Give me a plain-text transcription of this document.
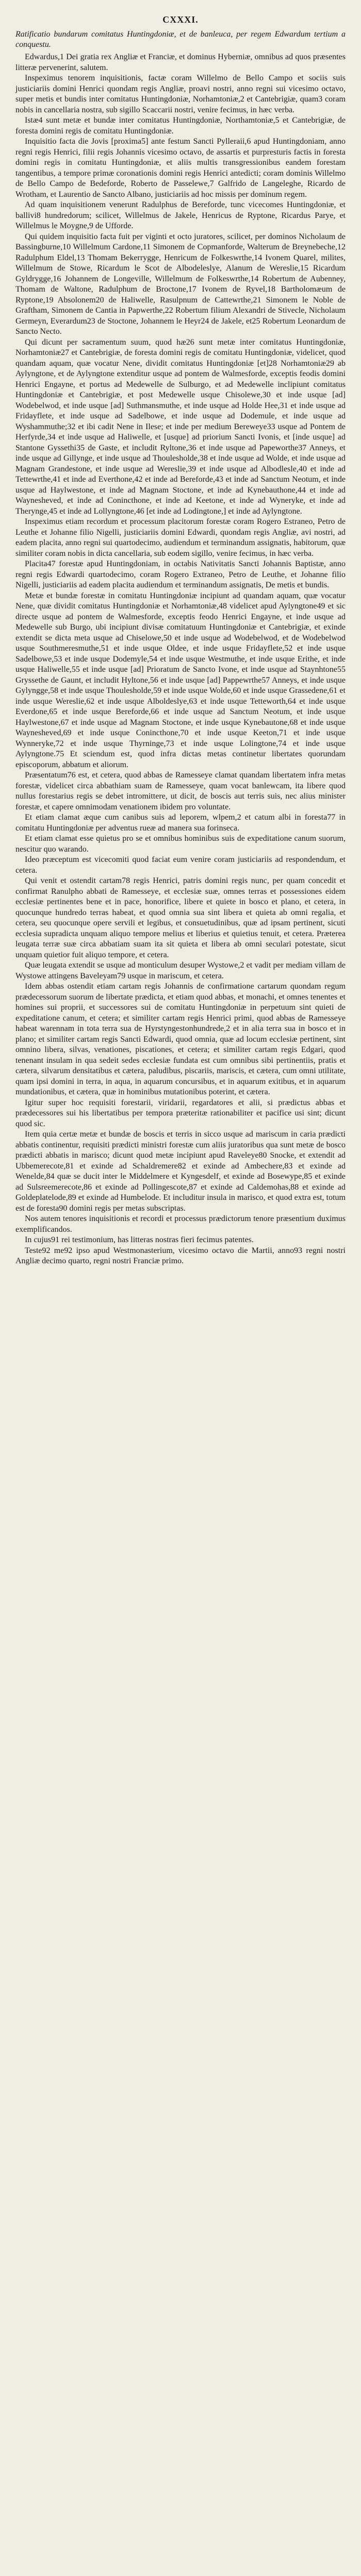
CXXXI.
Ratificatio bundarum comitatus Huntingdoniæ, et de banleuca, per regem Edwardum tertium a conquestu.

Edwardus,1 Dei gratia rex Angliæ et Franciæ, et dominus Hyberniæ, omnibus ad quos præsentes litteræ pervenerint, salutem.

Inspeximus tenorem inquisitionis, factæ coram Willelmo de Bello Campo et sociis suis justiciariis domini Henrici quondam regis Angliæ, proavi nostri, anno regni sui vicesimo octavo, super metis et bundis inter comitatus Huntingdoniæ, Norhamtoniæ,2 et Cantebrigiæ, quam3 coram nobis in cancellaria nostra, sub sigillo Scaccarii nostri, venire fecimus, in hæc verba.

Istæ4 sunt metæ et bundæ inter comitatus Huntingdoniæ, Northamtoniæ,5 et Cantebrigiæ, de foresta domini regis de comitatu Huntingdoniæ.

Inquisitio facta die Jovis [proxima5] ante festum Sancti Pylleraii,6 apud Huntingdoniam, anno regni regis Henrici, filii regis Johannis vicesimo octavo, de assartis et purpresturis factis in foresta domini regis in comitatu Huntingdoniæ, et aliis multis transgressionibus eandem forestam tangentibus, a tempore primæ coronationis domini regis Henrici antedicti; coram dominis Willelmo de Bello Campo de Bedeforde, Roberto de Passelewe,7 Galfrido de Langeleghe, Ricardo de Wrotham, et Laurentio de Sancto Albano, justiciariis ad hoc missis per dominum regem.

Ad quam inquisitionem venerunt Radulphus de Bereforde, tunc vicecomes Huntingdoniæ, et ballivi8 hundredorum; scilicet, Willelmus de Jakele, Henricus de Ryptone, Ricardus Parye, et Willelmus le Moygne,9 de Ufforde.

Qui quidem inquisitio facta fuit per viginti et octo juratores, scilicet, per dominos Nicholaum de Bassingburne,10 Willelmum Cardone,11 Simonem de Copmanforde, Walterum de Breynebeche,12 Radulphum Eldel,13 Thomam Bekerrygge, Henricum de Folkeswrthe,14 Ivonem Quarel, milites, Willelmum de Stowe, Ricardum le Scot de Albodeleslye, Alanum de Wereslie,15 Ricardum Gyldrygge,16 Johannem de Longeville, Willelmum de Folkeswrthe,14 Robertum de Aubenney, Thomam de Waltone, Radulphum de Broctone,17 Ivonem de Ryvel,18 Bartholomæum de Ryptone,19 Absolonem20 de Haliwelle, Rasulpnum de Cattewrthe,21 Simonem le Noble de Graftham, Simonem de Cantia in Papwerthe,22 Robertum filium Alexandri de Stivecle, Nicholaum Germeyn, Everardum23 de Stoctone, Johannem le Heyr24 de Jakele, et25 Robertum Leonardum de Sancto Necto.

Qui dicunt per sacramentum suum, quod hæ26 sunt metæ inter comitatus Huntingdoniæ, Norhamtoniæ27 et Cantebrigiæ, de foresta domini regis de comitatu Huntingdoniæ, videlicet, quod quandam aquam, quæ vocatur Nene, dividit comitatus Huntingdoniæ [et]28 Norhamtoniæ29 ab Aylyngtone, et de Aylyngtone extenditur usque ad pontem de Walmesforde, exceptis feodis domini Henrici Engayne, et portus ad Medewelle de Sulburgo, et ad Medewelle inclipiunt comitatus Huntingdoniæ et Cantebrigiæ, et post Medewelle usque Chisolewe,30 et inde usque [ad] Wodebelwod, et inde usque [ad] Suthmansmuthe, et inde usque ad Holde Hee,31 et inde usque ad Fridayflete, et inde usque ad Sadelbowe, et inde usque ad Dodemule, et inde usque ad Wyshammuthe;32 et ibi cadit Nene in Ilese; et inde per medium Bereweye33 usque ad Pontem de Herfyrde,34 et inde usque ad Haliwelle, et [usque] ad priorium Sancti Ivonis, et [inde usque] ad Stantone Gyssethi35 de Gaste, et includit Ryltone,36 et inde usque ad Papeworthe37 Anneys, et inde usque ad Gillynge, et inde usque ad Thoulesholde,38 et inde usque ad Wolde, et inde usque ad Magnam Grandestone, et inde usque ad Wereslie,39 et inde usque ad Albodlesle,40 et inde ad Tettewrthe,41 et inde ad Everthone,42 et inde ad Bereforde,43 et inde ad Sanctum Neotum, et inde usque ad Haylwestone, et inde ad Magnam Stoctone, et inde ad Kynebauthone,44 et inde ad Waynesheved, et inde ad Conincthone, et inde ad Keetone, et inde ad Wyneryke, et inde ad Therynge,45 et inde ad Lollyngtone,46 [et inde ad Lodingtone,] et inde ad Aylyngtone.

Inspeximus etiam recordum et processum placitorum forestæ coram Rogero Estraneo, Petro de Leuthe et Johanne filio Nigelli, justiciariis domini Edwardi, quondam regis Angliæ, avi nostri, ad eadem placita, anno regni sui quartodecimo, audiendum et terminandum assignatis, habitorum, quæ similiter coram nobis in dicta cancellaria, sub eodem sigillo, venire fecimus, in hæc verba.

Placita47 forestæ apud Huntingdoniam, in octabis Nativitatis Sancti Johannis Baptistæ, anno regni regis Edwardi quartodecimo, coram Rogero Extraneo, Petro de Leuthe, et Johanne filio Nigelli, justiciariis ad eadem placita audiendum et terminandum assignatis, De metis et bundis.

Metæ et bundæ forestæ in comitatu Huntingdoniæ incipiunt ad quandam aquam, quæ vocatur Nene, quæ dividit comitatus Huntingdoniæ et Norhamtoniæ,48 videlicet apud Aylyngtone49 et sic directe usque ad pontem de Walmesforde, exceptis feodo Henrici Engayne, et inde usque ad Medewelle sub Burgo, ubi incipiunt divisæ comitatuum Huntingdoniæ et Cantebrigiæ, et exinde extendit se dicta meta usque ad Chiselowe,50 et inde usque ad Wodebelwod, et de Wodebelwod usque Southmeresmuthe,51 et inde usque Oldee, et inde usque Fridayflete,52 et inde usque Sadelbowe,53 et inde usque Dodemyle,54 et inde usque Westmuthe, et inde usque Erithe, et inde usque Haliwelle,55 et inde usque [ad] Prioratum de Sancto Ivone, et inde usque ad Staynhtone55 Gryssethe de Gaunt, et includit Hyltone,56 et inde usque [ad] Pappewrthe57 Anneys, et inde usque Gylyngge,58 et inde usque Thoulesholde,59 et inde usque Wolde,60 et inde usque Grassedene,61 et inde usque Wereslie,62 et inde usque Alboldeslye,63 et inde usque Tetteworth,64 et inde usque Everdone,65 et inde usque Bereforde,66 et inde usque ad Sanctum Neotum, et inde usque Haylwestone,67 et inde usque ad Magnam Stoctone, et inde usque Kynebautone,68 et inde usque Waynesheved,69 et inde usque Conincthone,70 et inde usque Keeton,71 et inde usque Wynneryke,72 et inde usque Thyrninge,73 et inde usque Lolingtone,74 et inde usque Aylyngtone.75 Et sciendum est, quod infra dictas metas continetur libertates quorundam episcoporum, abbatum et aliorum.

Præsentatum76 est, et cetera, quod abbas de Ramesseye clamat quandam libertatem infra metas forestæ, videlicet circa abbathiam suam de Ramesseye, quam vocat banlewcam, ita libere quod nullus forestarius regis se debet intromittere, ut dicit, de boscis aut terris suis, nec alius minister forestæ, et capere omnimodam venationem ibidem pro voluntate.

Et etiam clamat æque cum canibus suis ad leporem, wlpem,2 et catum albi in foresta77 in comitatu Huntingdoniæ per adventus rueæ ad manera sua forinseca.

Et etiam clamat esse quietus pro se et omnibus hominibus suis de expeditatione canum suorum, nescitur quo warando.

Ideo præceptum est vicecomiti quod faciat eum venire coram justiciariis ad respondendum, et cetera.

Qui venit et ostendit cartam78 regis Henrici, patris domini regis nunc, per quam concedit et confirmat Ranulpho abbati de Ramesseye, et ecclesiæ suæ, omnes terras et possessiones eidem ecclesiæ pertinentes bene et in pace, honorifice, libere et quiete in bosco et plano, et cetera, in quocunque hundredo terras habeat, et quod omnia sua sint libera et quieta ab omni regalia, et cetera, seu quocunque opere servili et legibus, et consuetudinibus, quæ ad ipsam pertinent, sicuti ecclesia supradicta unquam aliquo tempore melius et liberius et quietius tenuit, et cetera. Præterea leugata terræ suæ circa abbatiam suam ita sit quieta et libera ab omni seculari potestate, sicut unquam quietior fuit aliquo tempore, et cetera.

Quæ leugata extendit se usque ad monticulum desuper Wystowe,2 et vadit per mediam villam de Wystowe attingens Baveleyam79 usque in mariscum, et cetera.

Idem abbas ostendit etiam cartam regis Johannis de confirmatione cartarum quondam regum prædecessorum suorum de libertate prædicta, et etiam quod abbas, et monachi, et omnes tenentes et homines sui proprii, et successores sui de comitatu Huntingdoniæ in perpetuum sint quieti de expeditatione canum, et cetera; et similiter cartam regis Henrici primi, quod abbas de Ramesseye habeat warennam in tota terra sua de Hyrstyngestonhundrede,2 et in alia terra sua in bosco et in plano; et similiter cartam regis Sancti Edwardi, quod omnia, quæ ad locum ecclesiæ pertinent, sint omnino libera, silvas, venationes, piscationes, et cetera; et similiter cartam regis Edgari, quod tenenant insulam in qua sedeit sedes ecclesiæ fundata est cum omnibus sibi pertinentiis, pratis et cætera, silvarum densitatibus et cætera, paludibus, piscariis, mariscis, et cætera, cum omni utilitate, quam ipsi domini in terra, in aqua, in aquarum concursibus, et in aquarum exitibus, et in aquarum mundationibus, et cætera, quæ in hominibus mutationibus poterint, et cætera.

Igitur super hoc requisiti forestarii, viridarii, regardatores et alii, si prædictus abbas et prædecessores sui his libertatibus per tempora præteritæ rationabiliter et pacifice usi sint; dicunt quod sic.

Item quia certæ metæ et bundæ de boscis et terris in sicco usque ad mariscum in caria prædicti abbatis continentur, requisiti prædicti ministri forestæ cum aliis juratoribus qua sunt metæ de bosco prædicti abbatis in marisco; dicunt quod metæ incipiunt apud Raveleye80 Snocke, et extendit ad Ubbemerecote,81 et exinde ad Schaldremere82 et exinde ad Ambechere,83 et exinde ad Wenelde,84 quæ se ducit inter le Middelmere et Kyngesdelf, et exinde ad Bosewype,85 et exinde ad Sulsreemerecote,86 et exinde ad Pollingescote,87 et exinde ad Caldemohas,88 et exinde ad Goldeplatelode,89 et exinde ad Humbelode. Et includitur insula in marisco, et quod extra est, totum est de foresta90 domini regis per metas subscriptas.

Nos autem tenores inquisitionis et recordi et processus prædictorum tenore præsentium duximus exemplificandos.

In cujus91 rei testimonium, has litteras nostras fieri fecimus patentes.

Teste92 me92 ipso apud Westmonasterium, vicesimo octavo die Martii, anno93 regni nostri Angliæ decimo quarto, regni nostri Franciæ primo.
